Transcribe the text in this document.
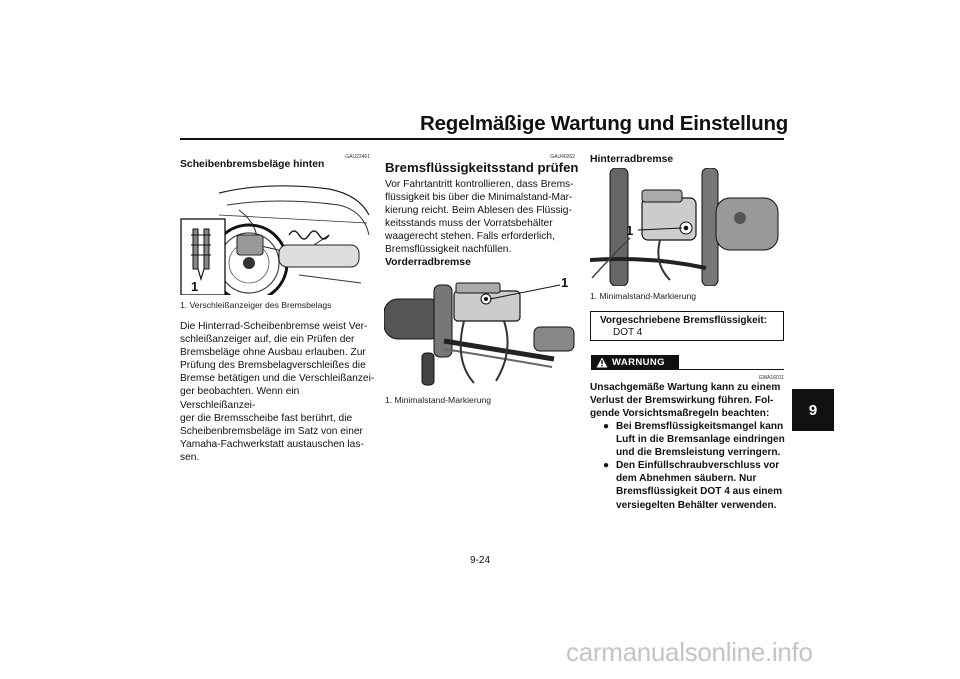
Regelmäßige Wartung und Einstellung
9
GAU22461
Scheibenbremsbeläge hinten
1
1. Verschleißanzeiger des Bremsbelags
Die Hinterrad-Scheibenbremse weist Ver-
schleißanzeiger auf, die ein Prüfen der
Bremsbeläge ohne Ausbau erlauben. Zur
Prüfung des Bremsbelagverschleißes die
Bremse betätigen und die Verschleißanzei-
ger beobachten. Wenn ein Verschleißanzei-
ger die Bremsscheibe fast berührt, die
Scheibenbremsbeläge im Satz von einer
Yamaha-Fachwerkstatt austauschen las-
sen.
GAU40262
Bremsflüssigkeitsstand prüfen
Vor Fahrtantritt kontrollieren, dass Brems-
flüssigkeit bis über die Minimalstand-Mar-
kierung reicht. Beim Ablesen des Flüssig-
keitsstands muss der Vorratsbehälter
waagerecht stehen. Falls erforderlich,
Bremsflüssigkeit nachfüllen.
Vorderradbremse
1
1. Minimalstand-Markierung
Hinterradbremse
1
1. Minimalstand-Markierung
Vorgeschriebene Bremsflüssigkeit:
DOT 4
WARNUNG
GWA16011
Unsachgemäße Wartung kann zu einem
Verlust der Bremswirkung führen. Fol-
gende Vorsichtsmaßregeln beachten:
● Bei Bremsflüssigkeitsmangel kann
Luft in die Bremsanlage eindringen
und die Bremsleistung verringern.
● Den Einfüllschraubverschluss vor
dem Abnehmen säubern. Nur
Bremsflüssigkeit DOT 4 aus einem
versiegelten Behälter verwenden.
9-24
carmanualsonline.info
